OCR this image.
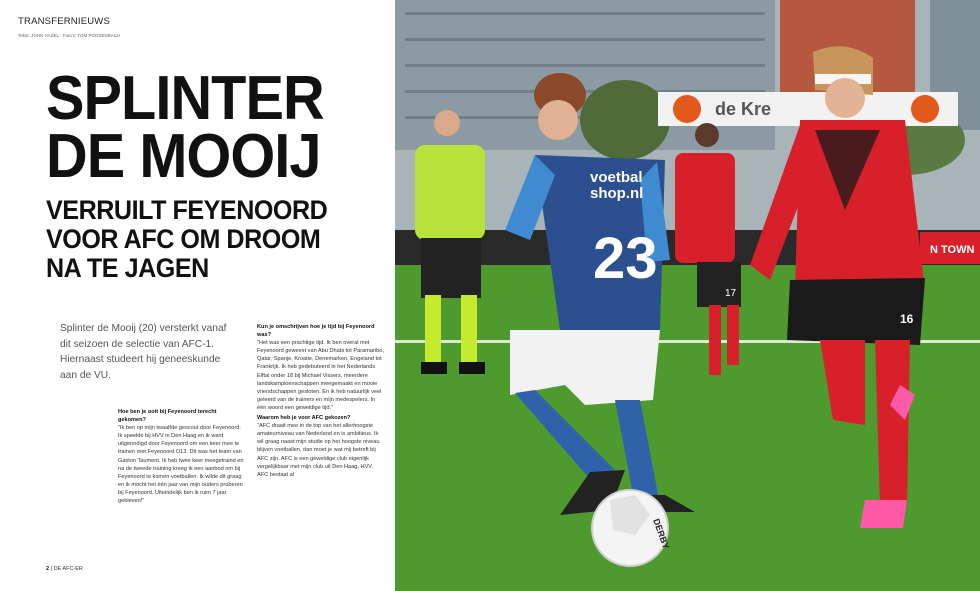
TRANSFERNIEUWS
Tekst: JOHN HAZEL · Foto's: TOM POOSENBACH
SPLINTER
DE MOOIJ
VERRUILT FEYENOORD VOOR AFC OM DROOM NA TE JAGEN
Splinter de Mooij (20) versterkt vanaf dit seizoen de selectie van AFC-1. Hiernaast studeert hij geneeskunde aan de VU.
Hoe ben je ooit bij Feyenoord terecht gekomen?

"Ik ben op mijn twaalfde gescout door Feyenoord. Ik speelde bij HVV in Den Haag en ik werd uitgenodigd door Feyenoord om een keer mee te trainen met Feyenoord O13. Dit was het team van Gaston Taument. Ik heb twee keer meegetraind en na de tweede training kreeg ik een aanbod om bij Feyenoord te komen voetballen. Ik wilde dit graag en ik mocht het één jaar van mijn ouders proberen bij Feyenoord. Uiteindelijk ben ik ruim 7 jaar gebleven!"

Kun je omschrijven hoe je tijd bij Feyenoord was?

"Het was een prachtige tijd. Ik ben overal met Feyenoord geweest van Abu Dhabi tot Paramaribo, Qatar, Spanje, Kroatie, Denemarken, Engeland tot Frankrijk. Ik heb gedebuteerd in het Nederlands Elftal onder 18 bij Michael Vissers, meerdere landskampioenschappen meegemaakt en mooie vriendschappen gesloten. En ik heb natuurlijk veel geleerd van de trainers en mijn medespelers. In één woord een geweldige tijd."

Waarom heb je voor AFC gekozen?

"AFC draait mee in de top van het allerhoogste amateurniveau van Nederland en is ambitieus. Ik wil graag naast mijn studie op het hoogste niveau blijven voetballen, dan moet je wat mij betreft bij AFC zijn. AFC is een geweldige club eigenlijk vergelijkbaar met mijn club uit Den Haag, HVV. AFC bestaat al

2 | DE AFC-ER
de Kre
N TOWN
17
voetbal
shop.nl
23
16
DERBY
